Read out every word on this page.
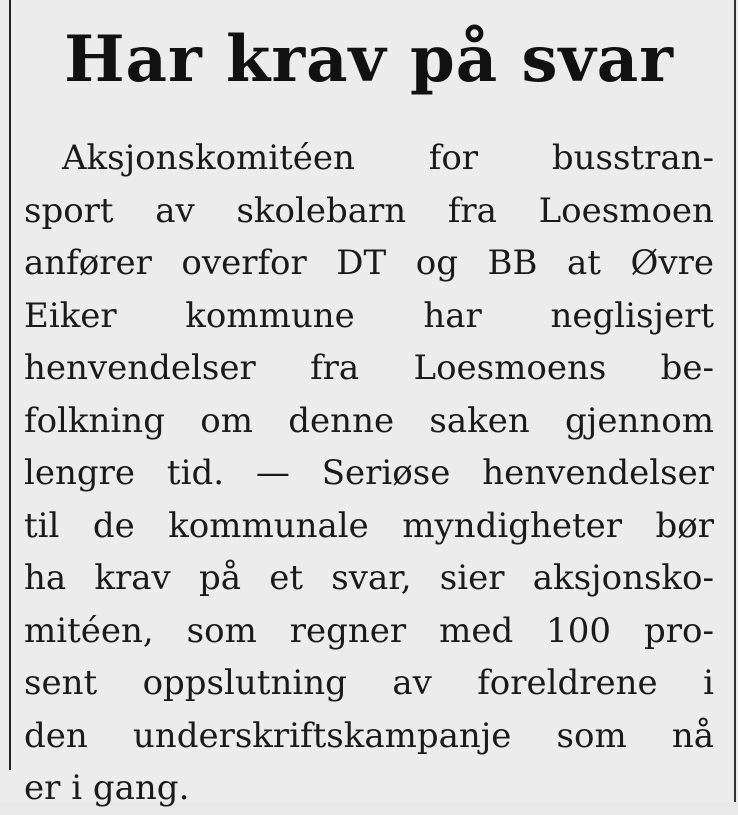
Har krav på svar
Aksjonskomitéen for busstran-
sport av skolebarn fra Loesmoen
anfører overfor DT og BB at Øvre
Eiker kommune har neglisjert
henvendelser fra Loesmoens be-
folkning om denne saken gjennom
lengre tid. — Seriøse henvendelser
til de kommunale myndigheter bør
ha krav på et svar, sier aksjonsko-
mitéen, som regner med 100 pro-
sent oppslutning av foreldrene i
den underskriftskampanje som nå
er
i
gang.
